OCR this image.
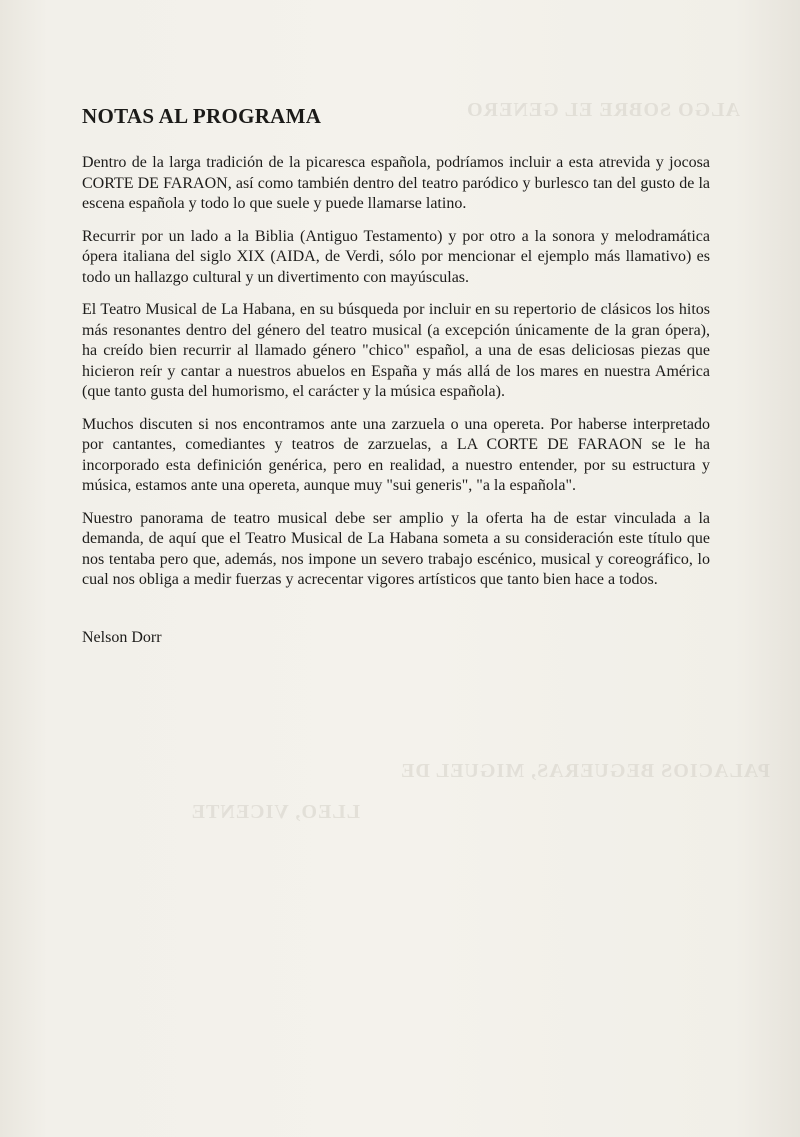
ALGO SOBRE EL GENERO
PALACIOS BEGUERAS, MIGUEL DE
LLEO, VICENTE
NOTAS AL PROGRAMA

Dentro de la larga tradición de la picaresca española, podríamos incluir a esta atrevida y jocosa CORTE DE FARAON, así como también dentro del teatro paródico y burlesco tan del gusto de la escena española y todo lo que suele y puede llamarse latino.

Recurrir por un lado a la Biblia (Antiguo Testamento) y por otro a la sonora y melodramática ópera italiana del siglo XIX (AIDA, de Verdi, sólo por mencionar el ejemplo más llamativo) es todo un hallazgo cultural y un divertimento con mayúsculas.

El Teatro Musical de La Habana, en su búsqueda por incluir en su repertorio de clásicos los hitos más resonantes dentro del género del teatro musical (a excepción únicamente de la gran ópera), ha creído bien recurrir al llamado género "chico" español, a una de esas deliciosas piezas que hicieron reír y cantar a nuestros abuelos en España y más allá de los mares en nuestra América (que tanto gusta del humorismo, el carácter y la música española).

Muchos discuten si nos encontramos ante una zarzuela o una opereta. Por haberse interpretado por cantantes, comediantes y teatros de zarzuelas, a LA CORTE DE FARAON se le ha incorporado esta definición genérica, pero en realidad, a nuestro entender, por su estructura y música, estamos ante una opereta, aunque muy "sui generis", "a la española".

Nuestro panorama de teatro musical debe ser amplio y la oferta ha de estar vinculada a la demanda, de aquí que el Teatro Musical de La Habana someta a su consideración este título que nos tentaba pero que, además, nos impone un severo trabajo escénico, musical y coreográfico, lo cual nos obliga a medir fuerzas y acrecentar vigores artísticos que tanto bien hace a todos.

Nelson Dorr
